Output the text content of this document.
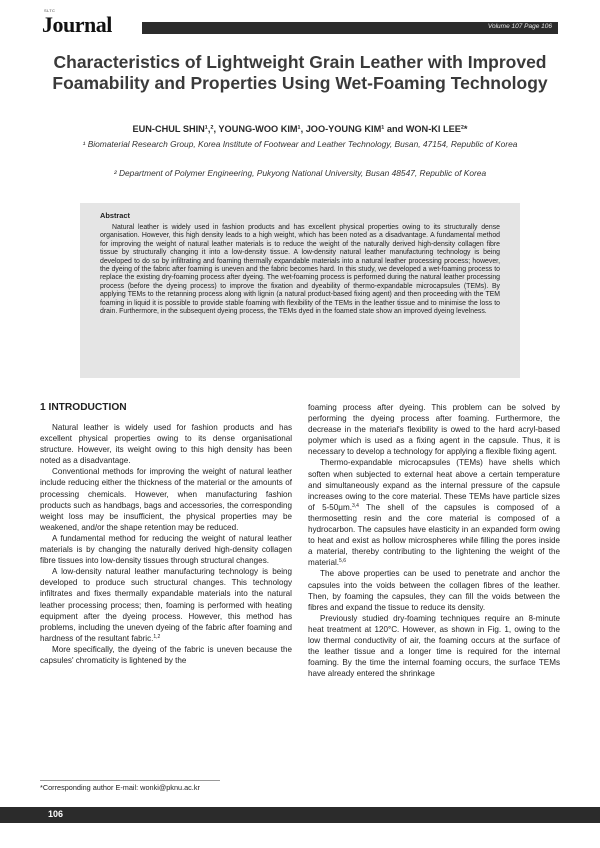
SLTC
Journal	Volume 107 Page 106
Characteristics of Lightweight Grain Leather with Improved Foamability and Properties Using Wet-Foaming Technology
EUN-CHUL SHIN¹,², YOUNG-WOO KIM¹, JOO-YOUNG KIM¹ and WON-KI LEE²*
¹ Biomaterial Research Group, Korea Institute of Footwear and Leather Technology, Busan, 47154, Republic of Korea
² Department of Polymer Engineering, Pukyong National University, Busan 48547, Republic of Korea
Abstract

Natural leather is widely used in fashion products and has excellent physical properties owing to its structurally dense organisation. However, this high density leads to a high weight, which has been noted as a disadvantage. A fundamental method for improving the weight of natural leather materials is to reduce the weight of the naturally derived high-density collagen fibre tissue by structurally changing it into a low-density tissue. A low-density natural leather manufacturing technology is being developed to do so by infiltrating and foaming thermally expandable materials into a natural leather processing process; however, the dyeing of the fabric after foaming is uneven and the fabric becomes hard. In this study, we developed a wet-foaming process to replace the existing dry-foaming process after dyeing. The wet-foaming process is performed during the natural leather processing process (before the dyeing process) to improve the fixation and dyeability of thermo-expandable microcapsules (TEMs). By applying TEMs to the retanning process along with lignin (a natural product-based fixing agent) and then proceeding with the TEM foaming in liquid it is possible to provide stable foaming with flexibility of the TEMs in the leather tissue and to minimise the loss to drain. Furthermore, in the subsequent dyeing process, the TEMs dyed in the foamed state show an improved dyeing levelness.

1 INTRODUCTION

Natural leather is widely used for fashion products and has excellent physical properties owing to its dense organisational structure. However, its weight owing to this high density has been noted as a disadvantage.

Conventional methods for improving the weight of natural leather include reducing either the thickness of the material or the amounts of processing chemicals. However, when manufacturing fashion products such as handbags, bags and accessories, the corresponding weight loss may be insufficient, the physical properties may be weakened, and/or the shape retention may be reduced.

A fundamental method for reducing the weight of natural leather materials is by changing the naturally derived high-density collagen fibre tissues into low-density tissues through structural changes.

A low-density natural leather manufacturing technology is being developed to produce such structural changes. This technology infiltrates and fixes thermally expandable materials into the natural leather processing process; then, foaming is performed with heating equipment after the dyeing process. However, this method has problems, including the uneven dyeing of the fabric after foaming and hardness of the resultant fabric.$^{1,2}$

More specifically, the dyeing of the fabric is uneven because the capsules' chromaticity is lightened by the

foaming process after dyeing. This problem can be solved by performing the dyeing process after foaming. Furthermore, the decrease in the material's flexibility is owed to the hard acryl-based polymer which is used as a fixing agent in the capsule. Thus, it is necessary to develop a technology for applying a flexible fixing agent.

Thermo-expandable microcapsules (TEMs) have shells which soften when subjected to external heat above a certain temperature and simultaneously expand as the internal pressure of the capsule increases owing to the core material. These TEMs have particle sizes of 5-50μm.$^{3,4}$ The shell of the capsules is composed of a thermosetting resin and the core material is composed of a hydrocarbon. The capsules have elasticity in an expanded form owing to heat and exist as hollow microspheres while filling the pores inside a material, thereby contributing to the lightening the weight of the material.$^{5,6}$

The above properties can be used to penetrate and anchor the capsules into the voids between the collagen fibres of the leather. Then, by foaming the capsules, they can fill the voids between the fibres and expand the tissue to reduce its density.

Previously studied dry-foaming techniques require an 8-minute heat treatment at 120°C. However, as shown in Fig. 1, owing to the low thermal conductivity of air, the foaming occurs at the surface of the leather tissue and a longer time is required for the internal foaming. By the time the internal foaming occurs, the surface TEMs have already entered the shrinkage

*Corresponding author E-mail: wonki@pknu.ac.kr
106
